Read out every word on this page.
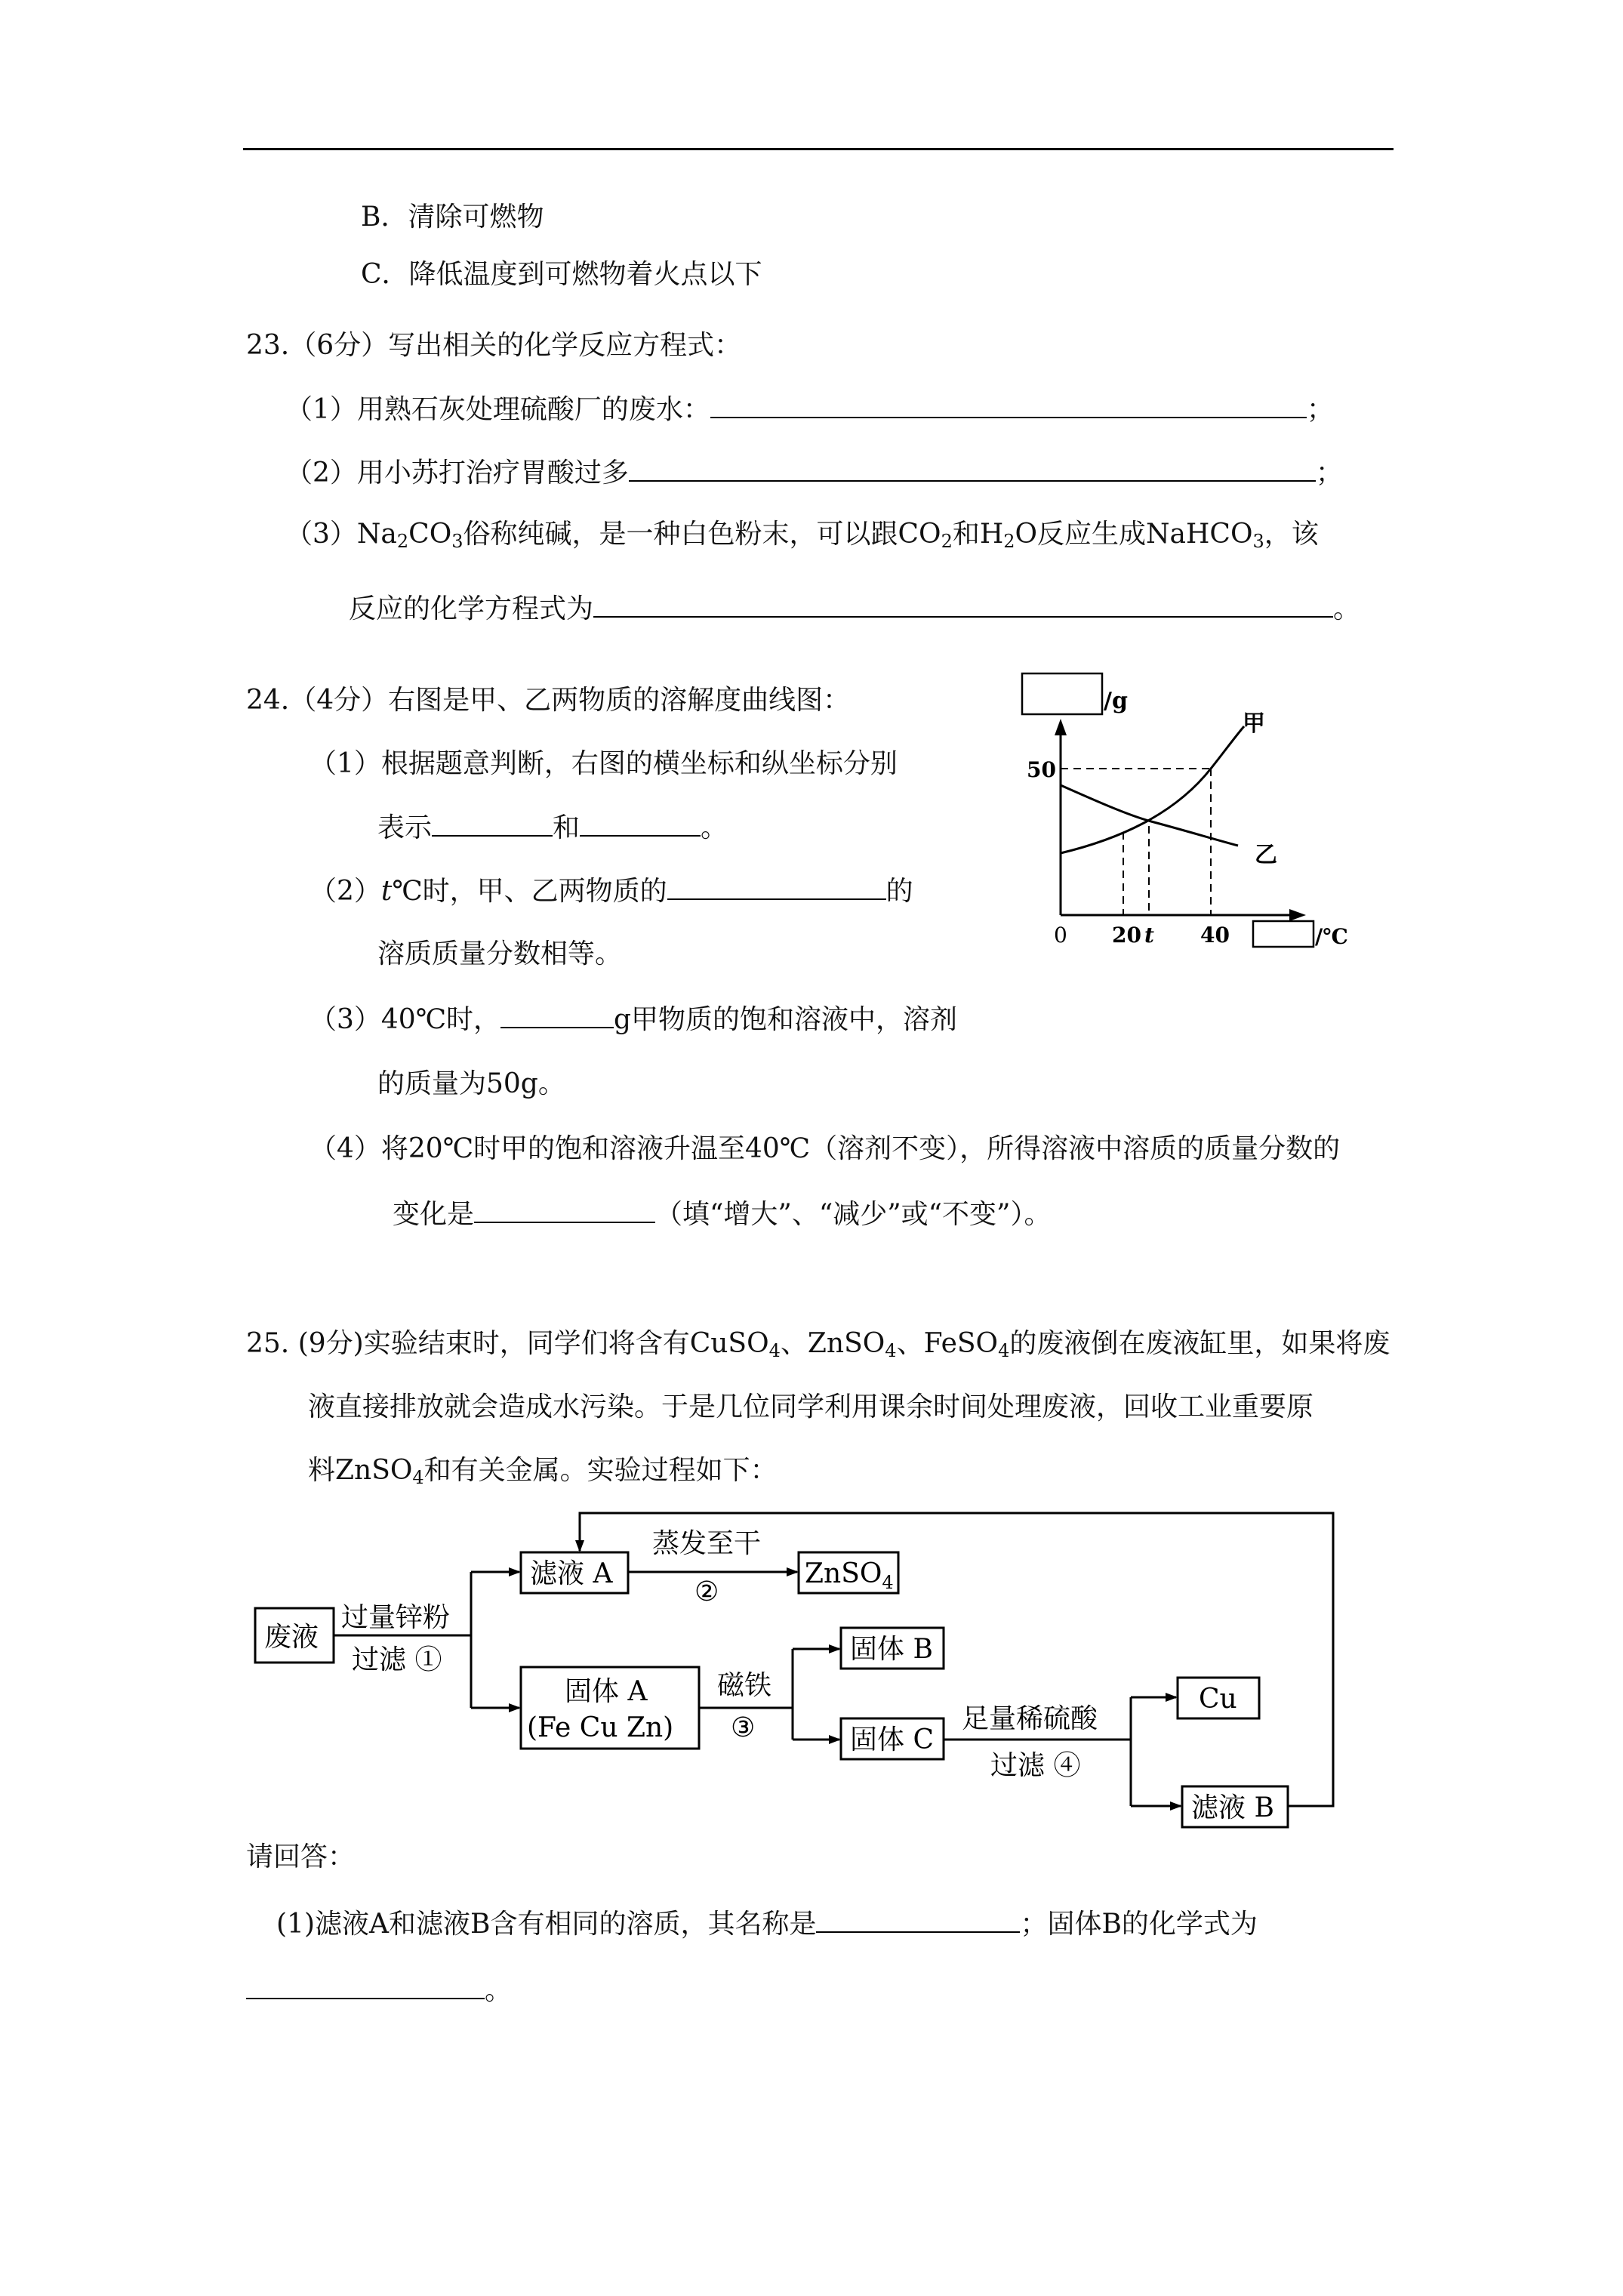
B．清除可燃物
C．降低温度到可燃物着火点以下
23.（6分）写出相关的化学反应方程式：
（1）用熟石灰处理硫酸厂的废水：	；
（2）用小苏打治疗胃酸过多	；
$(3)Na_2CO_3$俗称纯碱，是一种白色粉末，可以跟$CO_2$和$H_2O$反应生成NaHCO$_3$，该
反应的化学方程式为	。
24.（4分）右图是甲、乙两物质的溶解度曲线图：
（1）根据题意判断，右图的横坐标和纵坐标分别
表示	和	。
（2）t℃时，甲、乙两物质的	的
溶质质量分数相等。
（3）40℃时，	g甲物质的饱和溶液中，溶剂
的质量为50g。
（4）将20℃时甲的饱和溶液升温至40℃（溶剂不变），所得溶液中溶质的质量分数的
变化是	（填“增大”、“减少”或“不变”）。
/g
甲
乙
50
0 20 t 40	/℃
25. (9分)实验结束时，同学们将含有CuSO$_4$、ZnSO$_4$、FeSO$_4$的废液倒在废液缸里，如果将废
液直接排放就会造成水污染。于是几位同学利用课余时间处理废液，回收工业重要原
料ZnSO$_4$和有关金属。实验过程如下：
废液
过量锌粉
过滤 ①
滤液 A
蒸发至干
②
ZnSO$_4$
固体 A
(Fe Cu Zn)
磁铁
③
固体 B
固体 C
足量稀硫酸
过滤 ④
Cu
滤液 B
请回答：
(1)滤液A和滤液B含有相同的溶质，其名称是	；固体B的化学式为
。
